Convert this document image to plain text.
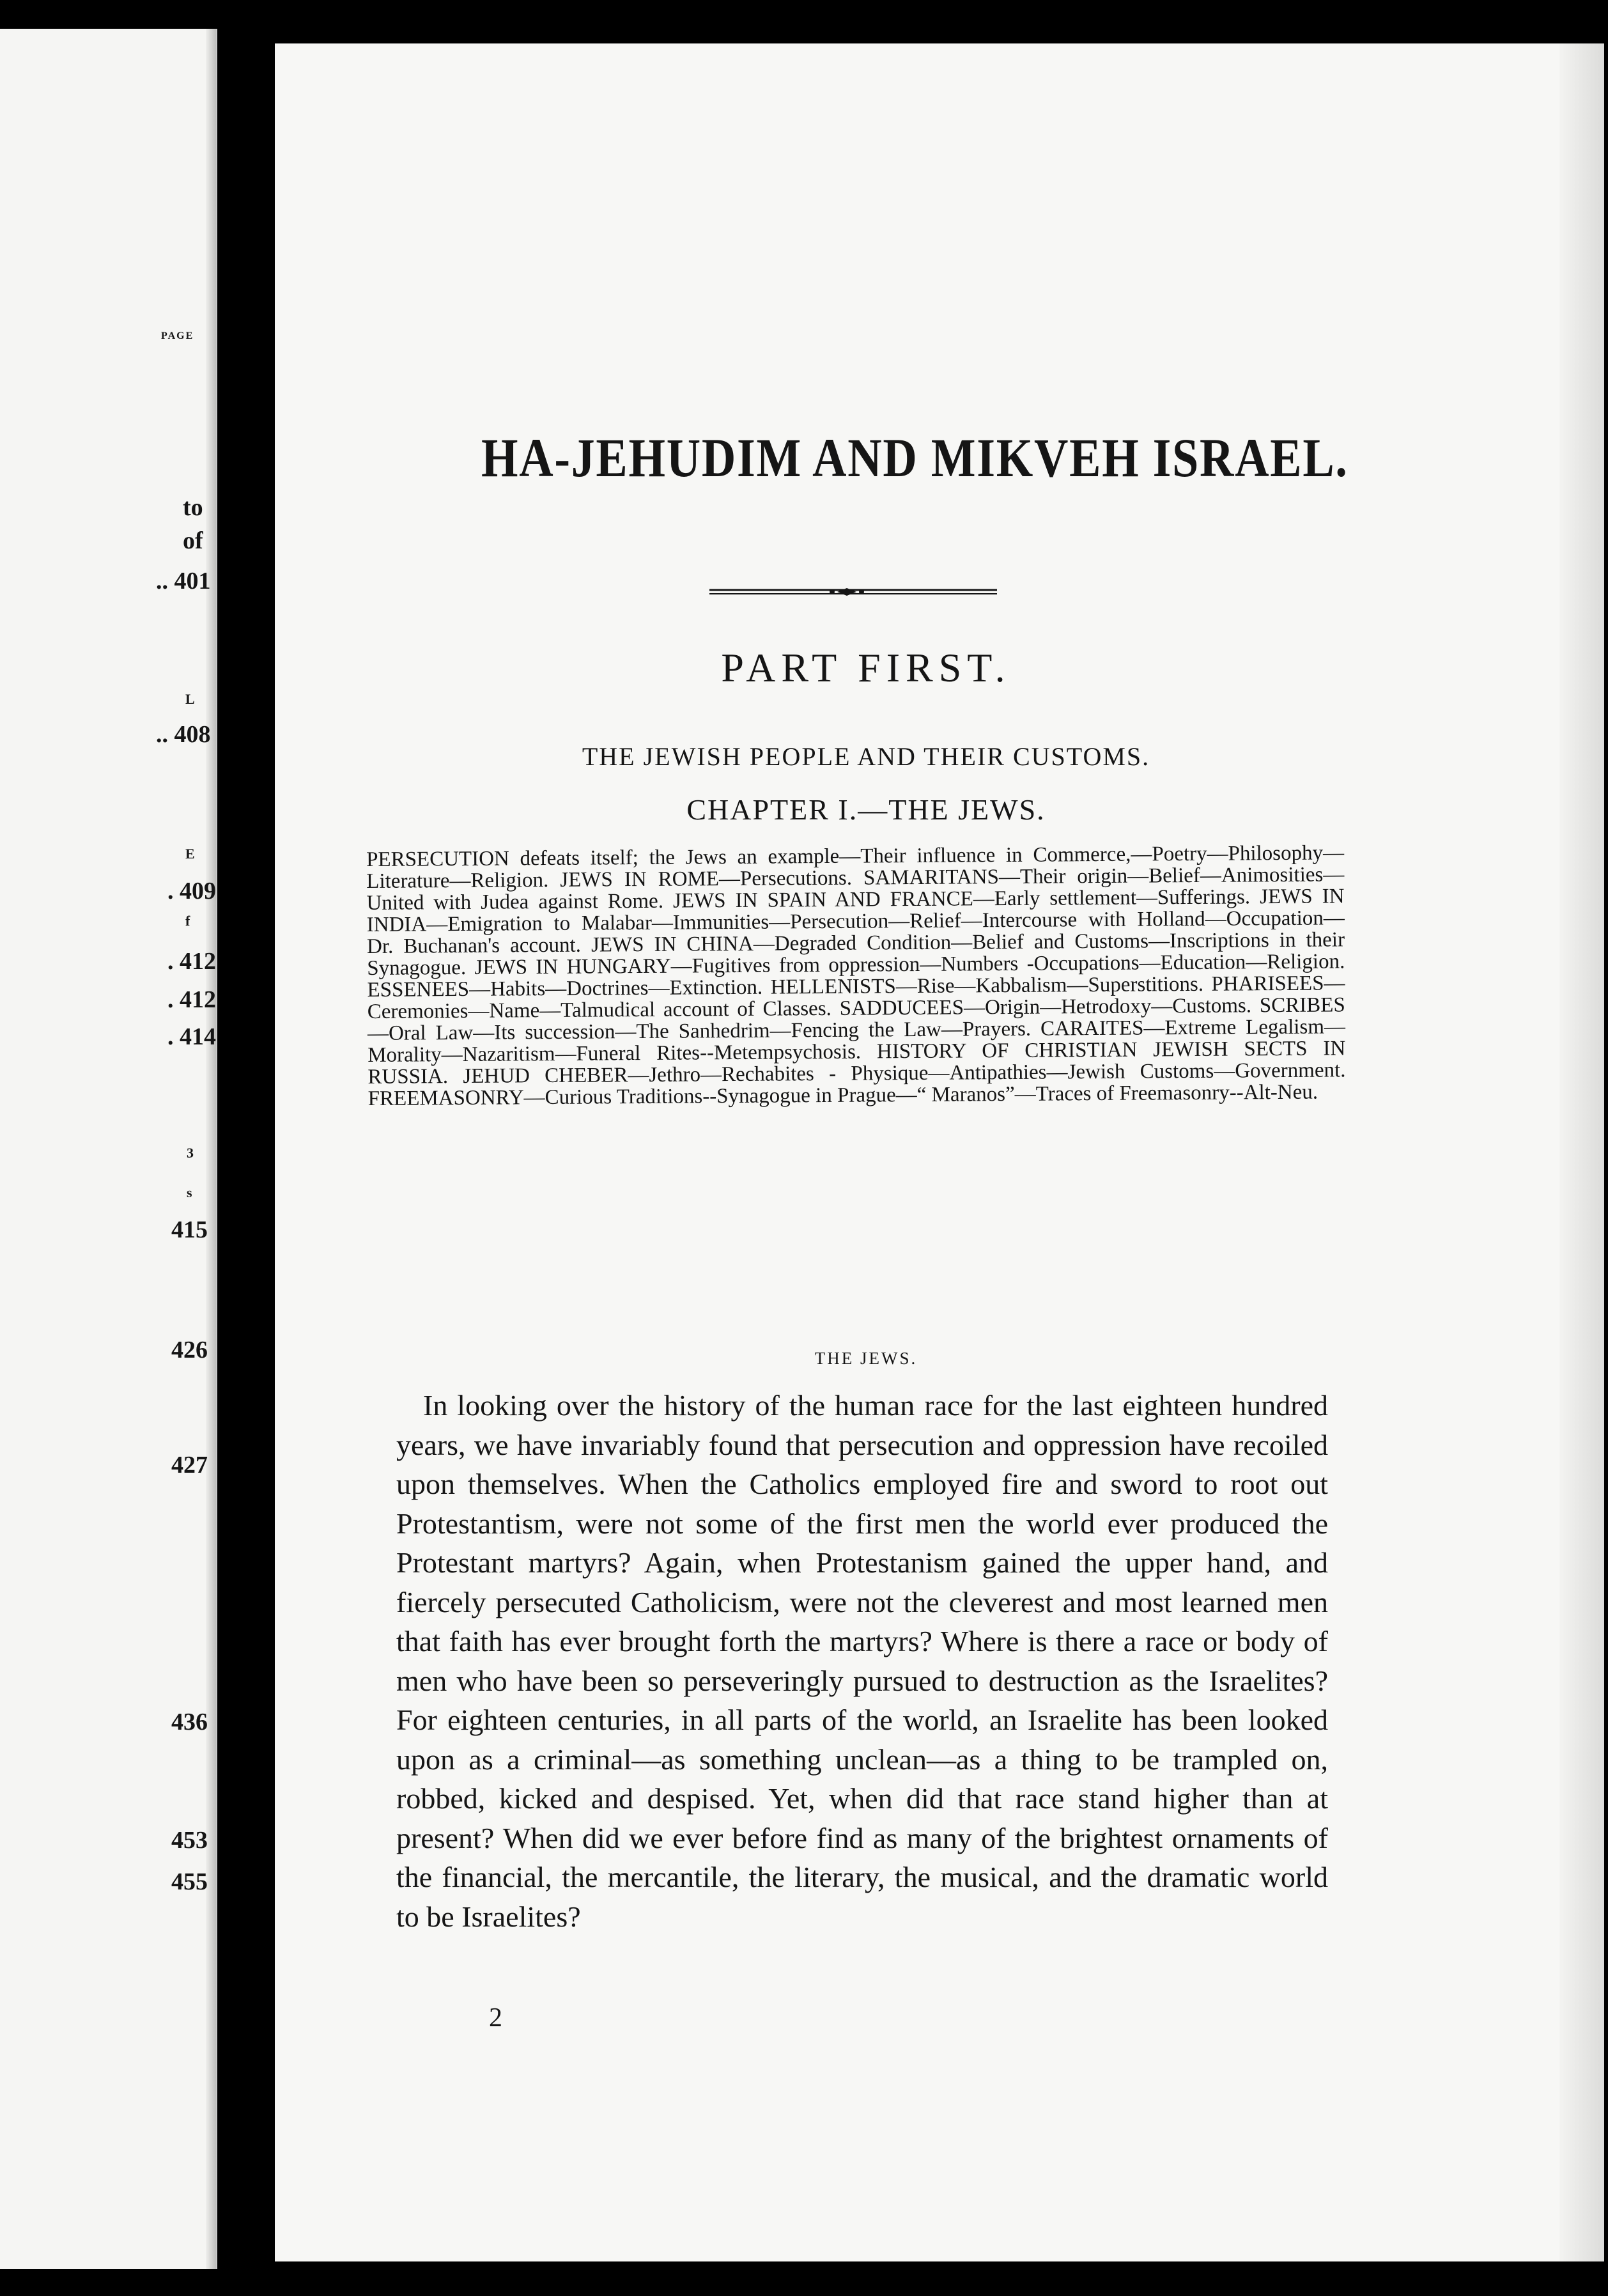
PAGE
to
of
.. 401
L
.. 408
E
. 409
f
. 412
. 412
. 414
3
s
415
426
427
436
453
455
HA-JEHUDIM AND MIKVEH ISRAEL.
PART FIRST.
THE JEWISH PEOPLE AND THEIR CUSTOMS.
CHAPTER I.—THE JEWS.
PERSECUTION defeats itself; the Jews an example—Their influence in Commerce,—Poetry—Philosophy—Literature—Religion. JEWS IN ROME—Persecutions. SAMARITANS—Their origin—Belief—Animosities—United with Judea against Rome. JEWS IN SPAIN AND FRANCE—Early settlement—Sufferings. JEWS IN INDIA—Emigration to Malabar—Immunities—Persecution—Relief—Intercourse with Holland—Occupation—Dr. Buchanan's account. JEWS IN CHINA—Degraded Condition—Belief and Customs—Inscriptions in their Synagogue. JEWS IN HUNGARY—Fugitives from oppression—Numbers -Occupations—Education—Religion. ESSENEES—Habits—Doctrines—Extinction. HELLENISTS—Rise—Kabbalism—Superstitions. PHARISEES—Ceremonies—Name—Talmudical account of Classes. SADDUCEES—Origin—Hetrodoxy—Customs. SCRIBES—Oral Law—Its succession—The Sanhedrim—Fencing the Law—Prayers. CARAITES—Extreme Legalism—Morality—Nazaritism—Funeral Rites--Metempsychosis. HISTORY OF CHRISTIAN JEWISH SECTS IN RUSSIA. JEHUD CHEBER—Jethro—Rechabites - Physique—Antipathies—Jewish Customs—Government. FREEMASONRY—Curious Traditions--Synagogue in Prague—“ Maranos”—Traces of Freemasonry--Alt-Neu.
THE JEWS.

In looking over the history of the human race for the last eighteen hundred years, we have invariably found that persecution and oppression have recoiled upon themselves. When the Catholics employed fire and sword to root out Protestantism, were not some of the first men the world ever produced the Protestant martyrs? Again, when Protestanism gained the upper hand, and fiercely persecuted Catholicism, were not the cleverest and most learned men that faith has ever brought forth the martyrs? Where is there a race or body of men who have been so perseveringly pursued to destruction as the Israelites? For eighteen centuries, in all parts of the world, an Israelite has been looked upon as a criminal—as something unclean—as a thing to be trampled on, robbed, kicked and despised. Yet, when did that race stand higher than at present? When did we ever before find as many of the brightest ornaments of the financial, the mercantile, the literary, the musical, and the dramatic world to be Israelites?

2
